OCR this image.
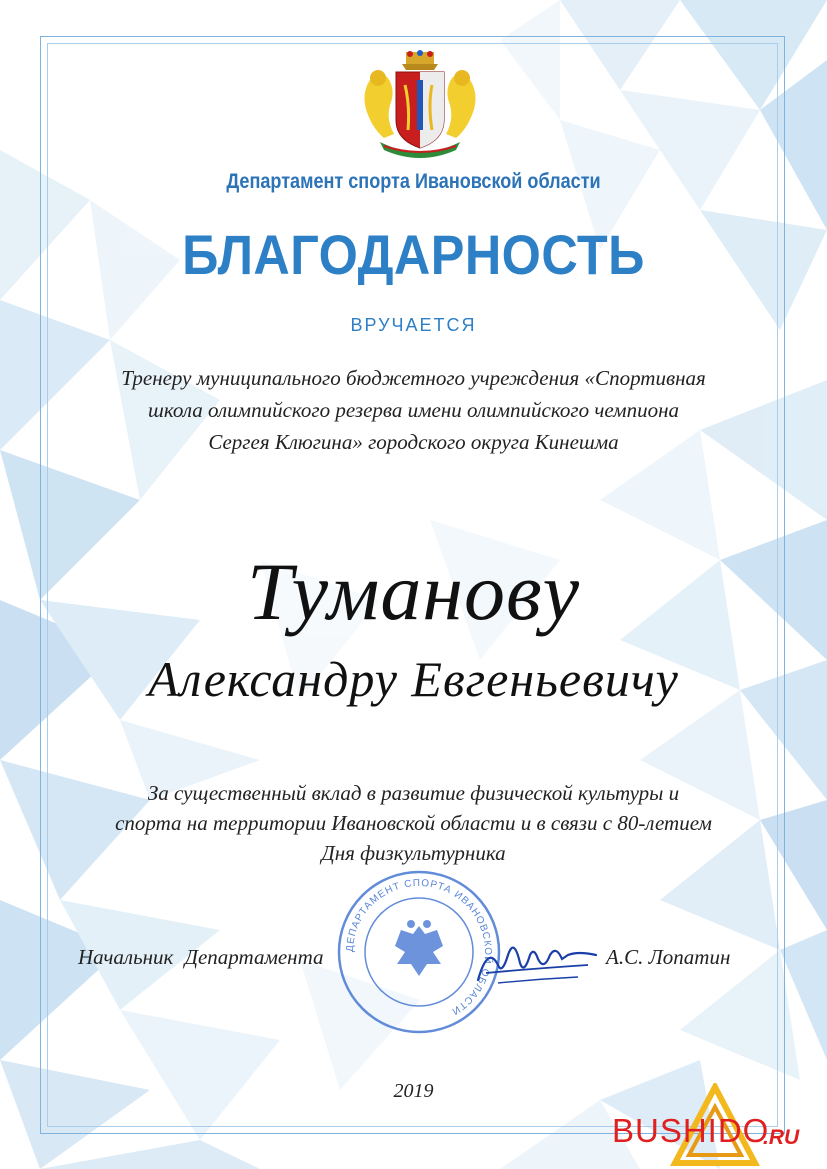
Департамент спорта Ивановской области
БЛАГОДАРНОСТЬ
ВРУЧАЕТСЯ
Тренеру муниципального бюджетного учреждения «Спортивная
школа олимпийского резерва имени олимпийского чемпиона
Сергея Клюгина» городского округа Кинешма
Туманову
Александру Евгеньевичу
За существенный вклад в развитие физической культуры и
спорта на территории Ивановской области и в связи с 80-летием
Дня физкультурника
ДЕПАРТАМЕНТ СПОРТА ИВАНОВСКОЙ ОБЛАСТИ
Начальник Департамента	А.С. Лопатин
2019
BUSHIDO
.RU
